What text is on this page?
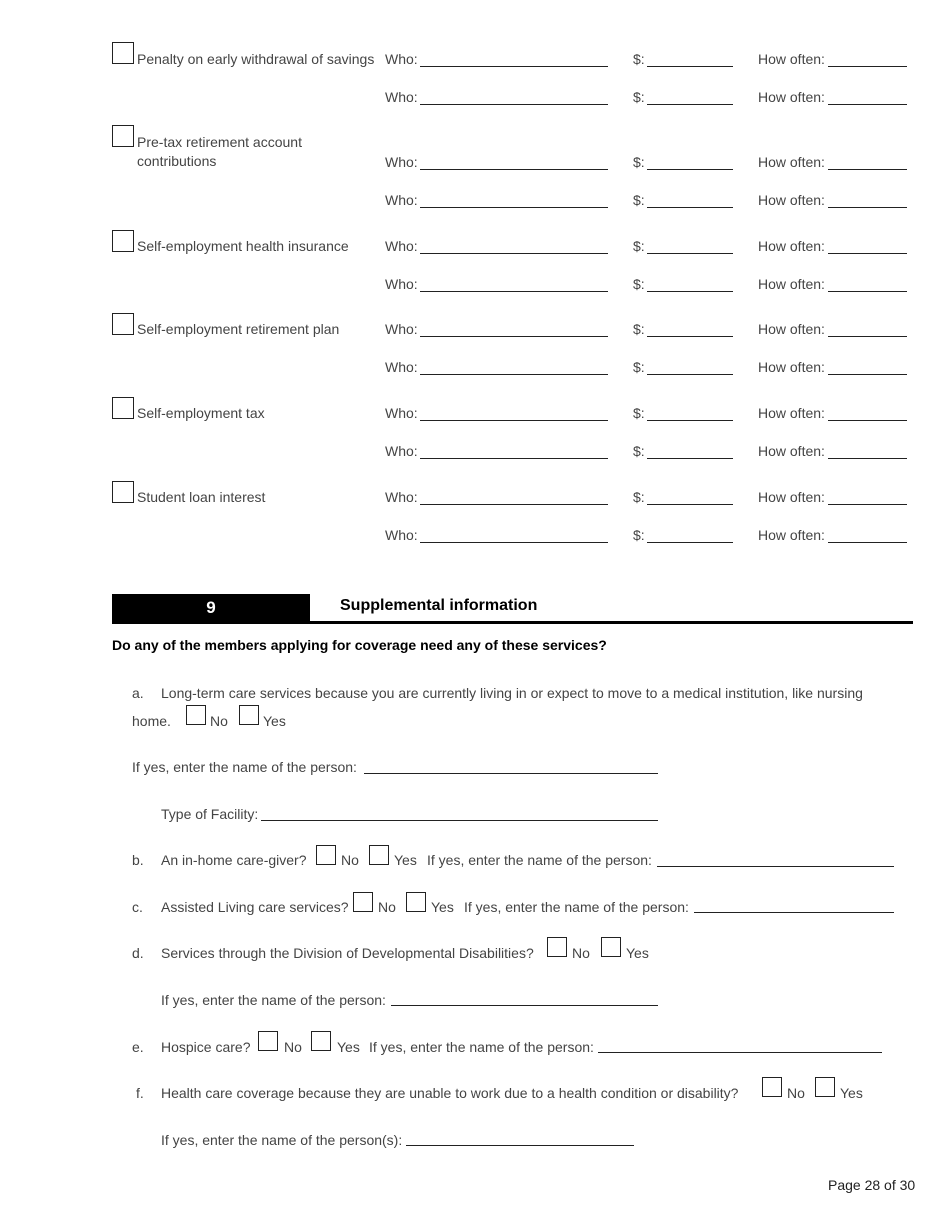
Penalty on early withdrawal of savings Who:	$:	How often:
Who:	$:	How often:
Pre-tax retirement account
contributions	Who:	$:	How often:
Who:	$:	How often:
Self-employment health insurance	Who:	$:	How often:
Who:	$:	How often:
Self-employment retirement plan	Who:	$:	How often:
Who:	$:	How often:
Self-employment tax	Who:	$:	How often:
Who:	$:	How often:
Student loan interest	Who:	$:	How often:
Who:	$:	How often:
9	Supplemental information
Do any of the members applying for coverage need any of these services?
a. Long-term care services because you are currently living in or expect to move to a medical institution, like nursing
home.	No	Yes
If yes, enter the name of the person:
Type of Facility:
b. An in-home care-giver? No	Yes If yes, enter the name of the person:
c. Assisted Living care services? No	Yes If yes, enter the name of the person:
d. Services through the Division of Developmental Disabilities?	No	Yes
If yes, enter the name of the person:
e. Hospice care? No	Yes If yes, enter the name of the person:
f. Health care coverage because they are unable to work due to a health condition or disability?	No	Yes
If yes, enter the name of the person(s):
Page 28 of 30
